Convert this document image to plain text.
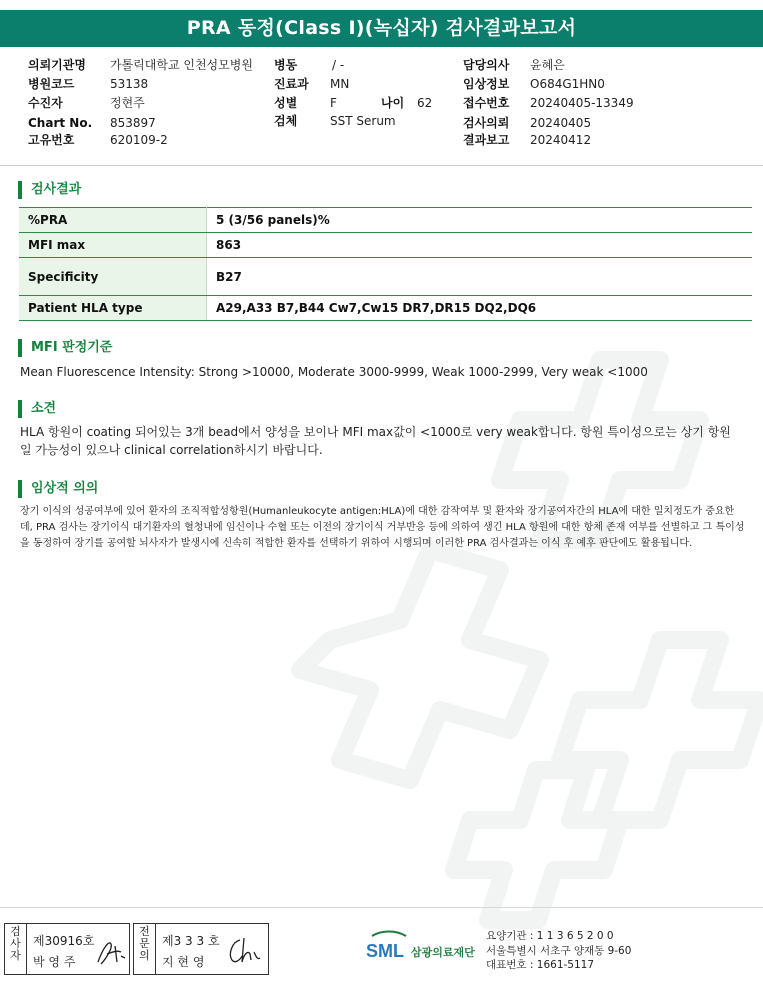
PRA 동정(Class I)(녹십자) 검사결과보고서
의뢰기관명 가톨릭대학교 인천성모병원
병원코드	53138
수진자	정현주
Chart No. 853897
고유번호	620109-2
병동	/ -
진료과 MN
성별	F	나이 62
검체	SST Serum
담당의사 윤혜은
임상정보 O684G1HN0
접수번호 20240405-13349
검사의뢰 20240405
결과보고 20240412
검사결과
%PRA	5 (3/56 panels)%
MFI max	863
Specificity	B27
Patient HLA type	A29,A33 B7,B44 Cw7,Cw15 DR7,DR15 DQ2,DQ6
MFI 판정기준
Mean Fluorescence Intensity: Strong >10000, Moderate 3000-9999, Weak 1000-2999, Very weak <1000
소견
HLA 항원이 coating 되어있는 3개 bead에서 양성을 보이나 MFI max값이 <1000로 very weak합니다. 항원 특이성으로는 상기 항원일 가능성이 있으나 clinical correlation하시기 바랍니다.
임상적 의의
장기 이식의 성공여부에 있어 환자의 조직적합성항원(Humanleukocyte antigen:HLA)에 대한 감작여부 및 환자와 장기공여자간의 HLA에 대한 일치정도가 중요한데, PRA 검사는 장기이식 대기환자의 혈청내에 임신이나 수혈 또는 이전의 장기이식 거부반응 등에 의하여 생긴 HLA 항원에 대한 항체 존재 여부를 선별하고 그 특이성을 동정하여 장기를 공여할 뇌사자가 발생시에 신속히 적합한 환자를 선택하기 위하여 시행되며 이러한 PRA 검사결과는 이식 후 예후 판단에도 활용됩니다.
검사자
제30916호
박 영 주
전문의
제3 3 3 호
지 현 영
SML 삼광의료재단
요양기관 : 1 1 3 6 5 2 0 0
서울특별시 서초구 양재동 9-60
대표번호 : 1661-5117
